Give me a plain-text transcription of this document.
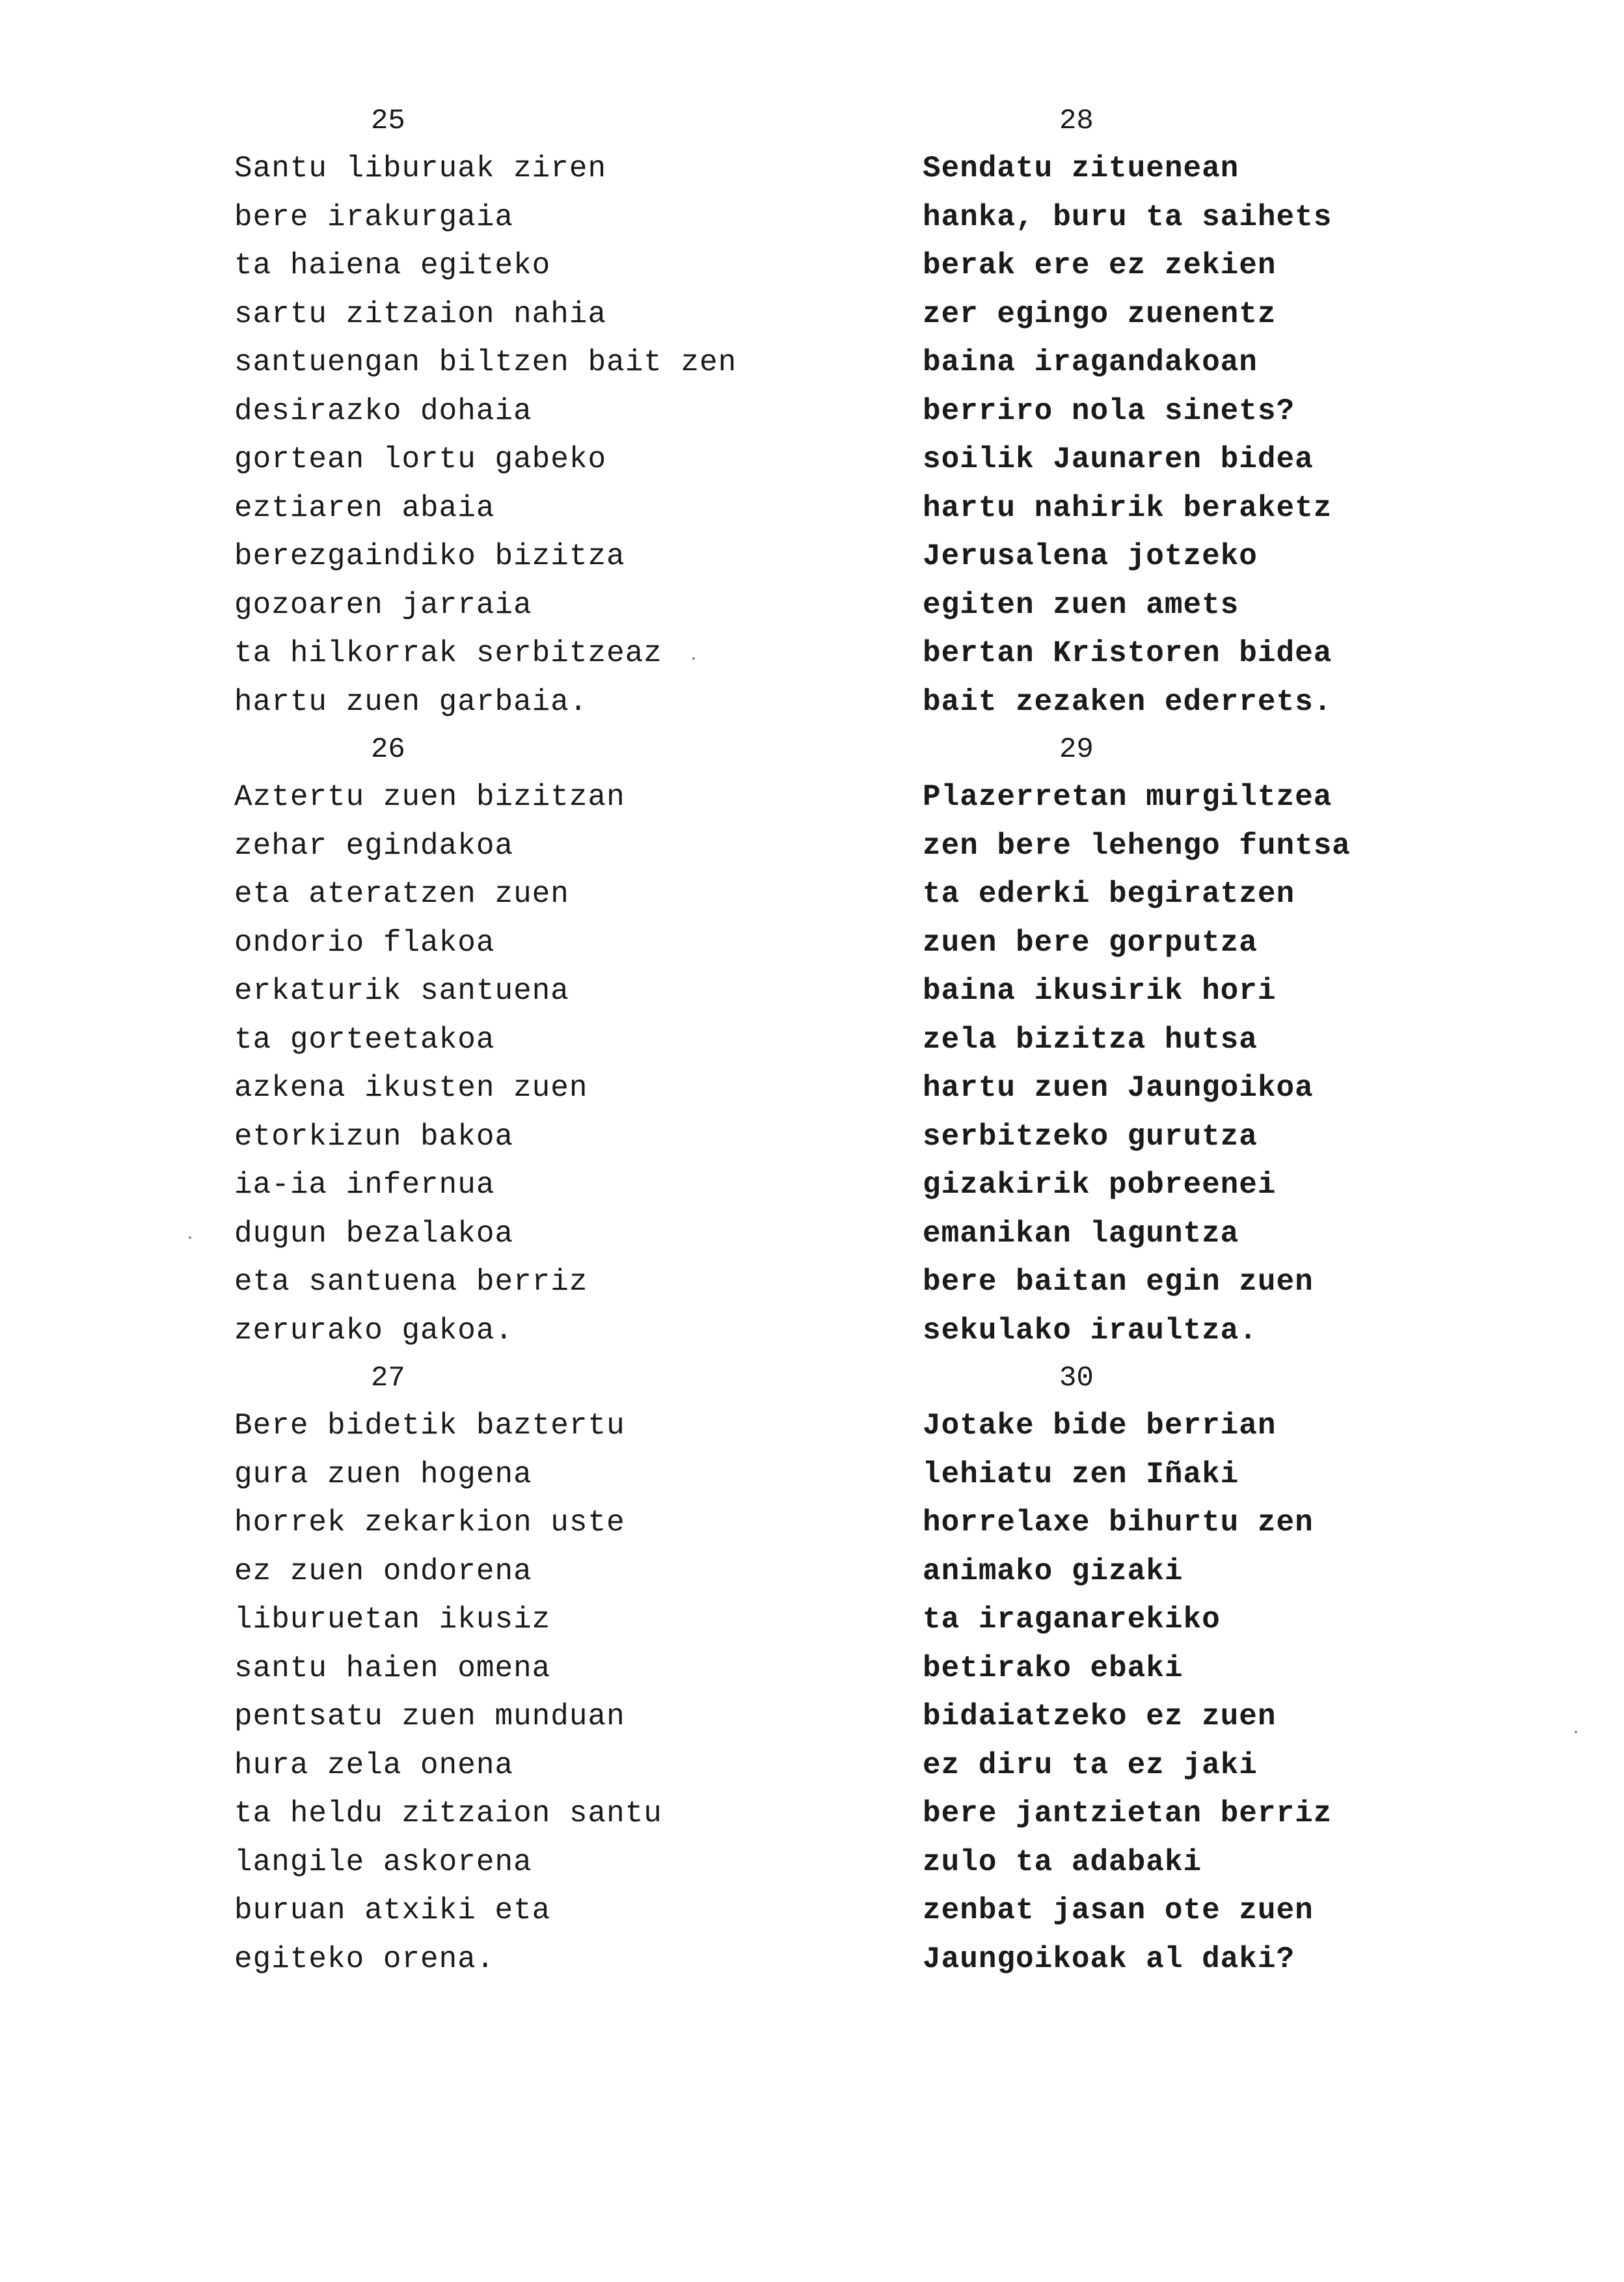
25
Santu liburuak ziren
bere irakurgaia
ta haiena egiteko
sartu zitzaion nahia
santuengan biltzen bait zen
desirazko dohaia
gortean lortu gabeko
eztiaren abaia
berezgaindiko bizitza
gozoaren jarraia
ta hilkorrak serbitzeaz
hartu zuen garbaia.
26
Aztertu zuen bizitzan
zehar egindakoa
eta ateratzen zuen
ondorio flakoa
erkaturik santuena
ta gorteetakoa
azkena ikusten zuen
etorkizun bakoa
ia-ia infernua
dugun bezalakoa
eta santuena berriz
zerurako gakoa.
27
Bere bidetik baztertu
gura zuen hogena
horrek zekarkion uste
ez zuen ondorena
liburuetan ikusiz
santu haien omena
pentsatu zuen munduan
hura zela onena
ta heldu zitzaion santu
langile askorena
buruan atxiki eta
egiteko orena.
28
Sendatu zituenean
hanka, buru ta saihets
berak ere ez zekien
zer egingo zuenentz
baina iragandakoan
berriro nola sinets?
soilik Jaunaren bidea
hartu nahirik beraketz
Jerusalena jotzeko
egiten zuen amets
bertan Kristoren bidea
bait zezaken ederrets.
29
Plazerretan murgiltzea
zen bere lehengo funtsa
ta ederki begiratzen
zuen bere gorputza
baina ikusirik hori
zela bizitza hutsa
hartu zuen Jaungoikoa
serbitzeko gurutza
gizakirik pobreenei
emanikan laguntza
bere baitan egin zuen
sekulako iraultza.
30
Jotake bide berrian
lehiatu zen Iñaki
horrelaxe bihurtu zen
animako gizaki
ta iraganarekiko
betirako ebaki
bidaiatzeko ez zuen
ez diru ta ez jaki
bere jantzietan berriz
zulo ta adabaki
zenbat jasan ote zuen
Jaungoikoak al daki?
